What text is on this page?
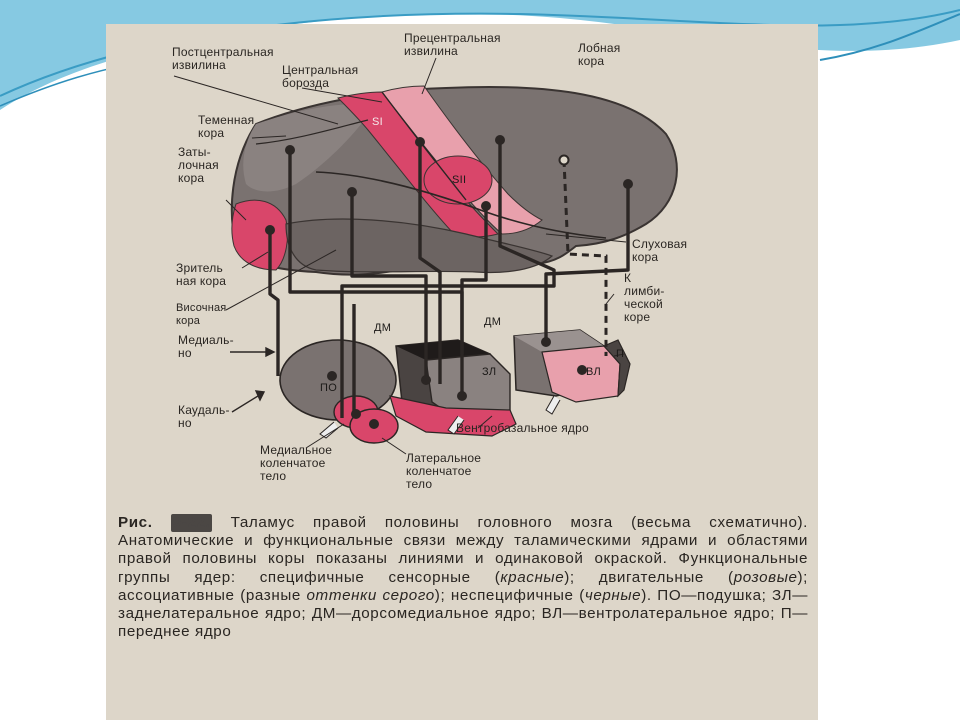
Постцентральная
извилина
Прецентральная
извилина
Центральная
борозда
Лобная
кора
Теменная
кора
Заты-
лочная
кора
Слуховая
кора
К
лимби-
ческой
коре
Зритель
ная кора
Височная
кора
Медиаль-
но
Каудаль-
но	Вентробазальное ядро
Медиальное
коленчатое
тело
Латеральное
коленчатое
тело
SI
SII
ДМ	ДМ
ПО
ЗЛ	ВЛ
П
Рис. 9-22. Таламус правой половины головного мозга (весьма схематично). Анатомические и функциональные связи между таламическими ядрами и областями правой половины коры показаны линиями и одинаковой окраской. Функциональные группы ядер: специфичные сенсорные (красные); двигательные (розовые); ассоциативные (разные оттенки серого); неспецифичные (черные). ПО—подушка; ЗЛ—заднелатеральное ядро; ДМ—дорсомедиальное ядро; ВЛ—вентролатеральное ядро; П—переднее ядро
